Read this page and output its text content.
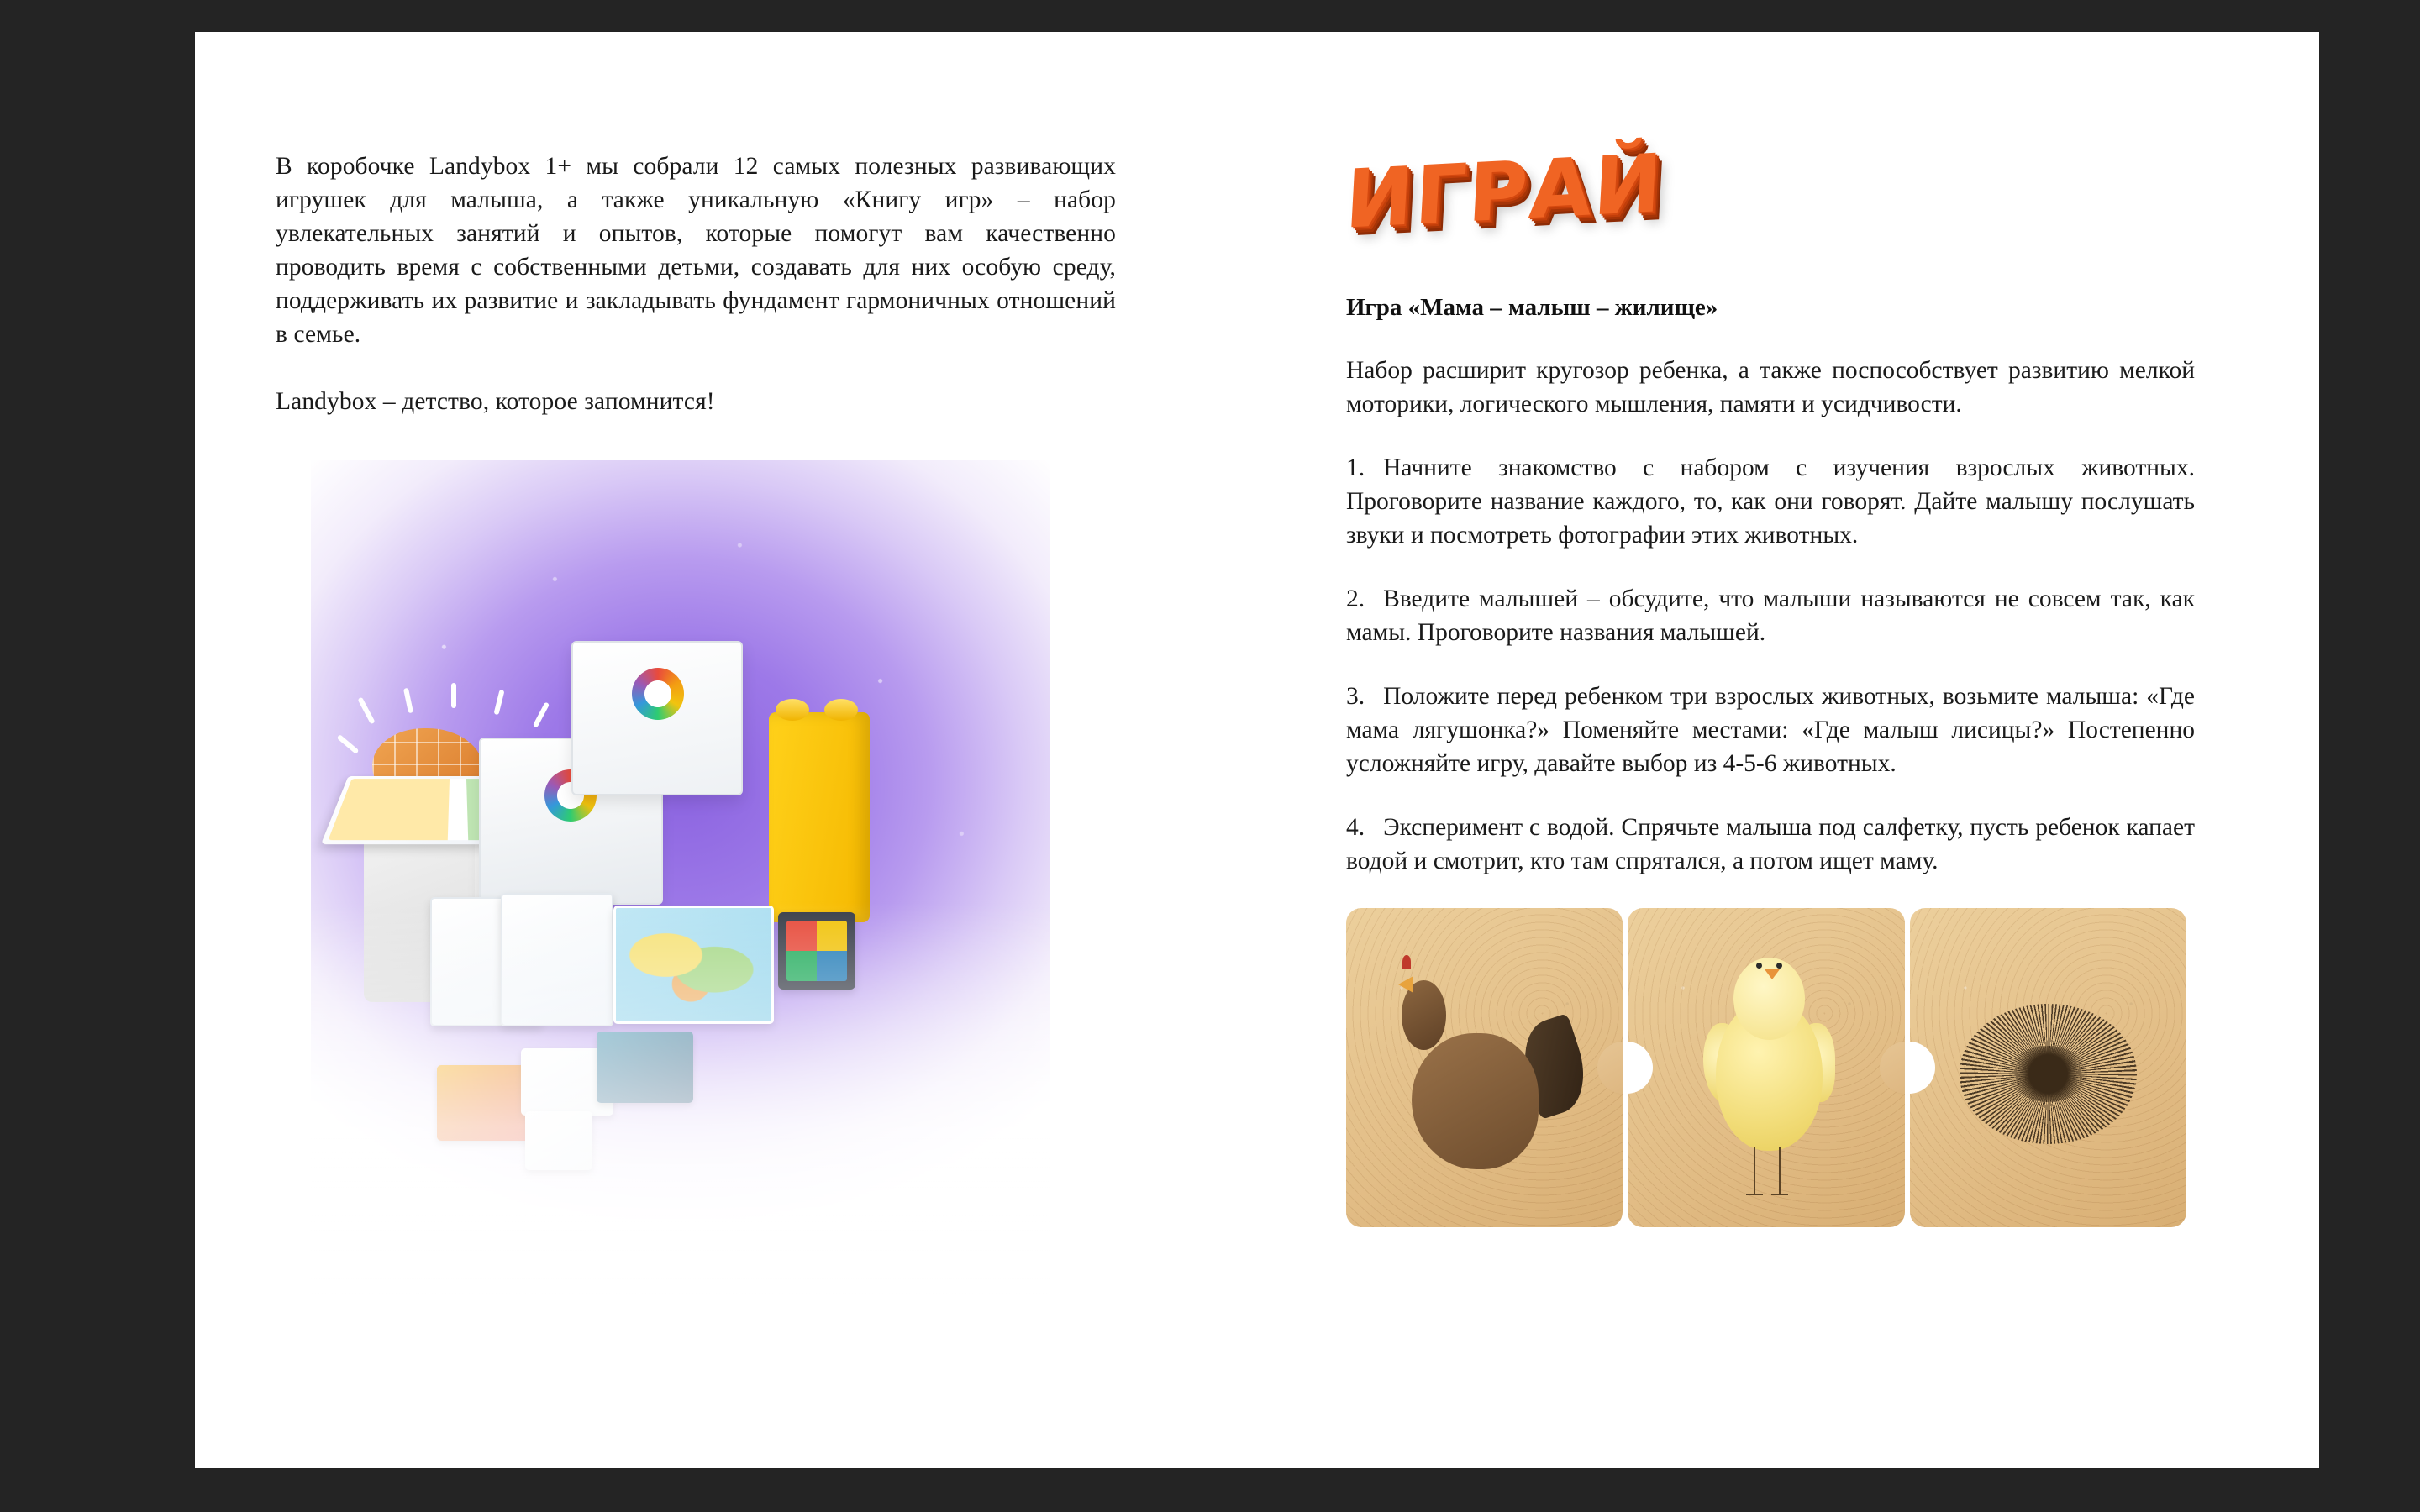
В коробочке Landybox 1+ мы собрали 12 самых полезных развивающих игрушек для малыша, а также уникальную «Книгу игр» – набор увлекательных занятий и опытов, которые помогут вам качественно проводить время с собственными детьми, создавать для них особую среду, поддерживать их развитие и закладывать фундамент гармоничных отношений в семье.

Landybox – детство, которое запомнится!

ИГРАЙ
Игра «Мама – малыш – жилище»

Набор расширит кругозор ребенка, а также поспособствует развитию мелкой моторики, логического мышления, памяти и усидчивости.

1. Начните знакомство с набором с изучения взрослых животных. Проговорите название каждого, то, как они говорят. Дайте малышу послушать звуки и посмотреть фотографии этих животных.

2. Введите малышей – обсудите, что малыши называются не совсем так, как мамы. Проговорите названия малышей.

3. Положите перед ребенком три взрослых животных, возьмите малыша: «Где мама лягушонка?» Поменяйте местами: «Где малыш лисицы?» Постепенно усложняйте игру, давайте выбор из 4-5-6 животных.

4. Эксперимент с водой. Спрячьте малыша под салфетку, пусть ребенок капает водой и смотрит, кто там спрятался, а потом ищет маму.
